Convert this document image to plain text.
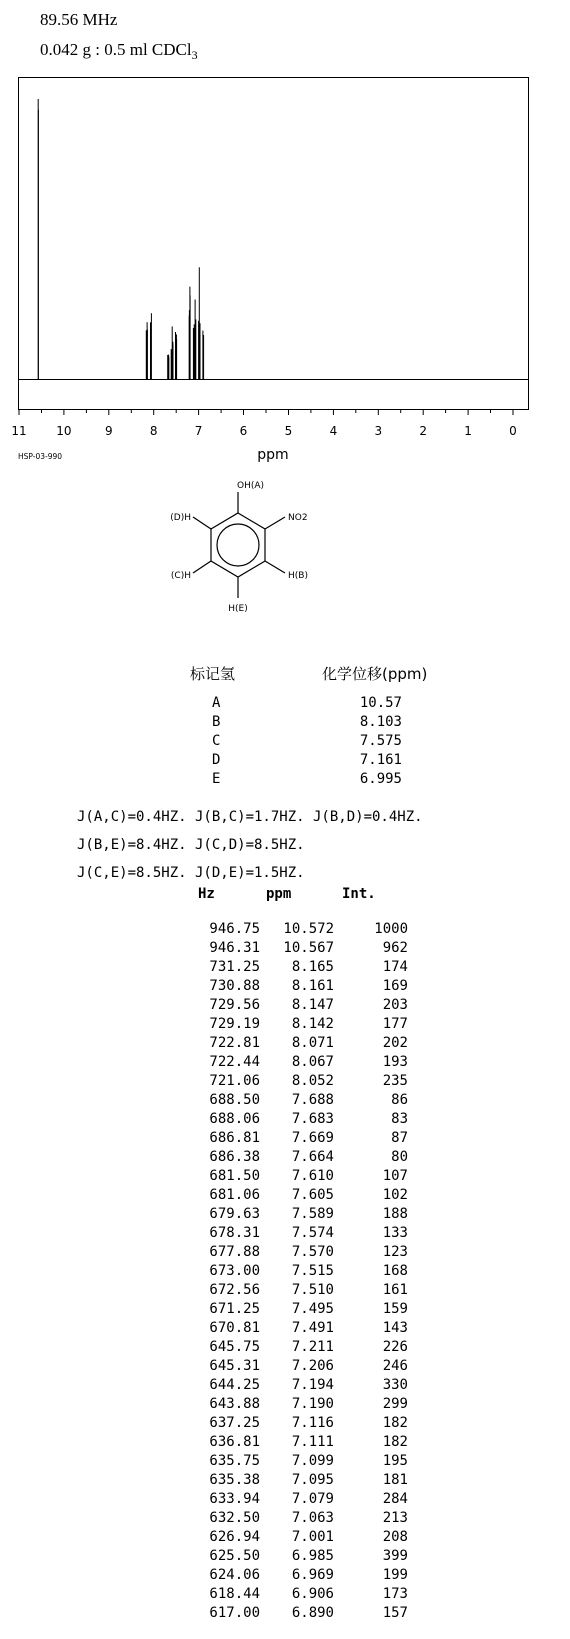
89.56 MHz
0.042 g : 0.5 ml CDCl$_3$
11 10	9	8	7	6	5	4	3	2	1	0
ppm
HSP-03-990
OH(A)
NO2
(D)H
(C)H	H(B)
H(E)
标记氢	化学位移(ppm)
A	10.57
B	8.103
C	7.575
D	7.161
E	6.995
J(A,C)=0.4HZ. J(B,C)=1.7HZ. J(B,D)=0.4HZ.
J(B,E)=8.4HZ. J(C,D)=8.5HZ.
J(C,E)=8.5HZ. J(D,E)=1.5HZ.
Hz	ppm	Int.
946.75	10.572	1000
946.31	10.567	962
731.25	8.165	174
730.88	8.161	169
729.56	8.147	203
729.19	8.142	177
722.81	8.071	202
722.44	8.067	193
721.06	8.052	235
688.50	7.688	86
688.06	7.683	83
686.81	7.669	87
686.38	7.664	80
681.50	7.610	107
681.06	7.605	102
679.63	7.589	188
678.31	7.574	133
677.88	7.570	123
673.00	7.515	168
672.56	7.510	161
671.25	7.495	159
670.81	7.491	143
645.75	7.211	226
645.31	7.206	246
644.25	7.194	330
643.88	7.190	299
637.25	7.116	182
636.81	7.111	182
635.75	7.099	195
635.38	7.095	181
633.94	7.079	284
632.50	7.063	213
626.94	7.001	208
625.50	6.985	399
624.06	6.969	199
618.44	6.906	173
617.00	6.890	157
